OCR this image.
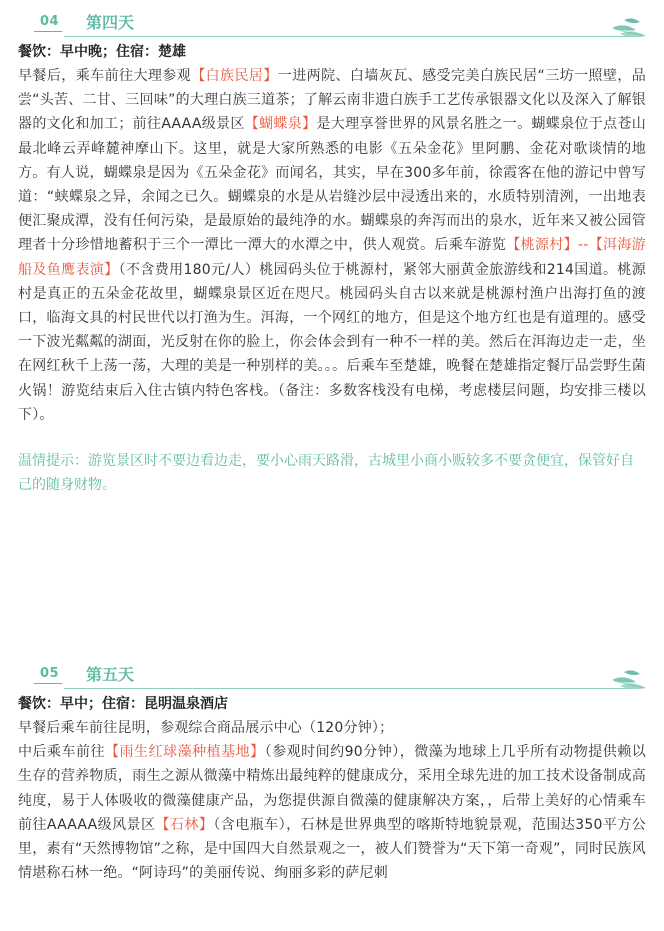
04 第四天
餐饮：早中晚；住宿：楚雄

早餐后，乘车前往大理参观【白族民居】一进两院、白墙灰瓦、感受完美白族民居“三坊一照壁，品尝“头苦、二甘、三回味”的大理白族三道茶；了解云南非遗白族手工艺传承银器文化以及深入了解银器的文化和加工；前往AAAA级景区【蝴蝶泉】是大理享誉世界的风景名胜之一。蝴蝶泉位于点苍山最北峰云弄峰麓神摩山下。这里，就是大家所熟悉的电影《五朵金花》里阿鹏、金花对歌谈情的地方。有人说，蝴蝶泉是因为《五朵金花》而闻名，其实，早在300多年前，徐霞客在他的游记中曾写道：“蛱蝶泉之异，余闻之已久。蝴蝶泉的水是从岩缝沙层中浸透出来的，水质特别清洌，一出地表便汇聚成潭，没有任何污染，是最原始的最纯净的水。蝴蝶泉的奔泻而出的泉水，近年来又被公园管理者十分珍惜地蓄积于三个一潭比一潭大的水潭之中，供人观赏。后乘车游览【桃源村】--【洱海游船及鱼鹰表演】（不含费用180元/人）桃园码头位于桃源村，紧邻大丽黄金旅游线和214国道。桃源村是真正的五朵金花故里，蝴蝶泉景区近在咫尺。桃园码头自古以来就是桃源村渔户出海打鱼的渡口，临海文具的村民世代以打渔为生。洱海，一个网红的地方，但是这个地方红也是有道理的。感受一下波光粼粼的湖面，光反射在你的脸上，你会体会到有一种不一样的美。然后在洱海边走一走，坐在网红秋千上荡一荡，大理的美是一种别样的美。。。后乘车至楚雄，晚餐在楚雄指定餐厅品尝野生菌火锅！游览结束后入住古镇内特色客栈。（备注：多数客栈没有电梯，考虑楼层问题，均安排三楼以下）。

温情提示：游览景区时不要边看边走，要小心雨天路滑，古城里小商小贩较多不要贪便宜，保管好自己的随身财物。
05 第五天
餐饮：早中；住宿：昆明温泉酒店

早餐后乘车前往昆明，参观综合商品展示中心（120分钟）；

中后乘车前往【雨生红球藻种植基地】（参观时间约90分钟），微藻为地球上几乎所有动物提供赖以生存的营养物质，雨生之源从微藻中精炼出最纯粹的健康成分，采用全球先进的加工技术设备制成高纯度，易于人体吸收的微藻健康产品，为您提供源自微藻的健康解决方案，，后带上美好的心情乘车前往AAAAA级风景区【石林】（含电瓶车），石林是世界典型的喀斯特地貌景观，范围达350平方公里，素有“天然博物馆”之称，是中国四大自然景观之一，被人们赞誉为“天下第一奇观”，同时民族风情堪称石林一绝。“阿诗玛”的美丽传说、绚丽多彩的萨尼刺
